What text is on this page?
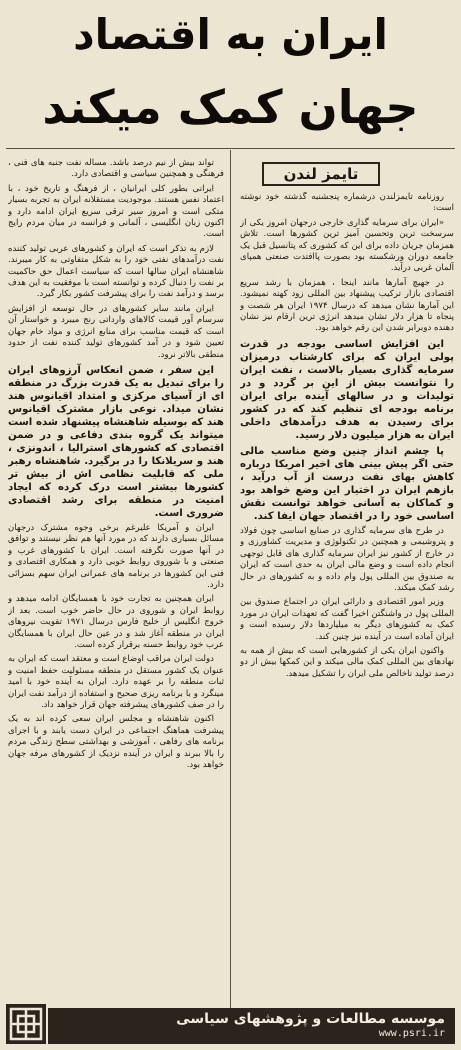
ایران به اقتصاد
جهان کمک میکند
تایمز لندن

روزنامه تایمزلندن درشماره پنجشنبه گذشته خود نوشته است:

«ایران برای سرمایه گذاری خارجی درجهان امروز یکی از سرسخت ترین وتحسین آمیز ترین کشورها است. تلاش همزمان جریان داده برای این که کشوری که پتانسیل قبل یک جامعه دوران ورشکسته بود بصورت پاافتدت صنعتی همپای آلمان غربی درآید.

در جهیچ آمارها مانند اینجا ، همزمان با رشد سریع اقتصادی بازار ترکیب پیشنهاد بین المللی زود کهنه نمیشود. این آمارها نشان میدهد که درسال ۱۹۷۴ ایران هر شصت و پنجاه تا هزار دلار تشان میدهد انرژی ترین ارقام نیز نشان دهنده دوبرابر شدن این رقم خواهد بود.

این افزایش اساسی بودجه در قدرت پولی ایران که برای کارشتاب درمیزان سرمایه گذاری بسیار بالاست ، نفت ایران را نتوانست بیش از این بر گردد و در تولیدات و در سالهای آینده برای ایران برنامه بودجه ای تنظیم کند که در کشور برای رسیدن به هدف درآمدهای داخلی ایران به هزار میلیون دلار رسید.

پا چشم انداز چنین وضع مناسب مالی حتی اگر پیش بینی های اخیر امریکا درباره کاهش بهای نفت درست از آب درآید ، بازهم ایران در اختیار این وضع خواهد بود و کماکان به آسانی خواهد توانست نقش اساسی خود را در اقتصاد جهان ایفا کند.

در طرح های سرمایه گذاری در صنایع اساسی چون فولاد و پتروشیمی و همچنین در تکنولوژی و مدیریت کشاورزی و در خارج از کشور نیز ایران سرمایه گذاری های قابل توجهی انجام داده است و وضع مالی ایران به حدی است که ایران به صندوق بین المللی پول وام داده و به کشورهای در حال رشد کمک میکند.

وزیر امور اقتصادی و دارائی ایران در اجتماع صندوق بین المللی پول در واشنگتن اخیرا گفت که تعهدات ایران در مورد کمک به کشورهای دیگر به میلیاردها دلار رسیده است و ایران آماده است در آینده نیز چنین کند.

واکنون ایران یکی از کشورهایی است که بیش از همه به نهادهای بین المللی کمک مالی میکند و این کمکها بیش از دو درصد تولید ناخالص ملی ایران را تشکیل میدهد.

تواند بیش از نیم درصد باشد. مسأله نفت جنبه های فنی ، فرهنگی و همچنین سیاسی و اقتصادی دارد.

ایرانی بطور کلی ایرانیان ، از فرهنگ و تاریخ خود ، با اعتماد نفس هستند. موجودیت مستقلانه ایران به تجربه بسیار متکی است و امروز سیر ترقی سریع ایران ادامه دارد و اکنون زبان انگلیسی ، آلمانی و فرانسه در میان مردم رایج است.

لازم به تذکر است که ایران و کشورهای عربی تولید کننده نفت درآمدهای نفتی خود را به شکل متفاوتی به کار میبرند. شاهنشاه ایران سالها است که سیاست اعمال حق حاکمیت بر نفت را دنبال کرده و توانسته است با موفقیت به این هدف برسد و درآمد نفت را برای پیشرفت کشور بکار گیرد.

ایران مانند سایر کشورهای در حال توسعه از افزایش سرسام آور قیمت کالاهای وارداتی رنج میبرد و خواستار آن است که قیمت مناسب برای منابع انرژی و مواد خام جهان تعیین شود و در آمد کشورهای تولید کننده نفت از حدود منطقی بالاتر نرود.

این سفر ، ضمن انعکاس آرزوهای ایران را برای تبدیل به یک قدرت بزرگ در منطقه ای از آسیای مرکزی و امتداد اقیانوس هند نشان میداد. نوعی بازار مشترک اقیانوس هند که بوسیله شاهنشاه پیشنهاد شده است میتواند یک گروه بندی دفاعی و در ضمن اقتصادی که کشورهای استرالیا ، اندونزی ، هند و سریلانکا را در برگیرد. شاهنشاه رهبر ملی که قابلیت نظامی اش از بیش تر کشورها بیشتر است درک کرده که ایجاد امنیت در منطقه برای رشد اقتصادی ضروری است.

ایران و آمریکا علیرغم برخی وجوه مشترک درجهان مسائل بسیاری دارند که در مورد آنها هم نظر نیستند و توافق در آنها صورت نگرفته است. ایران با کشورهای غرب و صنعتی و با شوروی روابط خوبی دارد و همکاری اقتصادی و فنی این کشورها در برنامه های عمرانی ایران سهم بسزائی دارد.

ایران همچنین به تجارت خود با همسایگان ادامه میدهد و روابط ایران و شوروی در حال حاضر خوب است. بعد از خروج انگلیس از خلیج فارس درسال ۱۹۷۱ تقویت نیروهای ایران در منطقه آغاز شد و در عین حال ایران با همسایگان عرب خود روابط حسنه برقرار کرده است.

دولت ایران مراقب اوضاع است و معتقد است که ایران به عنوان یک کشور مستقل در منطقه مسئولیت حفظ امنیت و ثبات منطقه را بر عهده دارد. ایران به آینده خود با امید مینگرد و با برنامه ریزی صحیح و استفاده از درآمد نفت ایران را در صف کشورهای پیشرفته جهان قرار خواهد داد.

اکنون شاهنشاه و مجلس ایران سعی کرده اند به یک پیشرفت هماهنگ اجتماعی در ایران دست یابند و با اجرای برنامه های رفاهی ، آموزشی و بهداشتی سطح زندگی مردم را بالا ببرند و ایران در آینده نزدیک از کشورهای مرفه جهان خواهد بود.

موسسه مطالعات و پژوهشهای سیاسی
www.psri.ir
